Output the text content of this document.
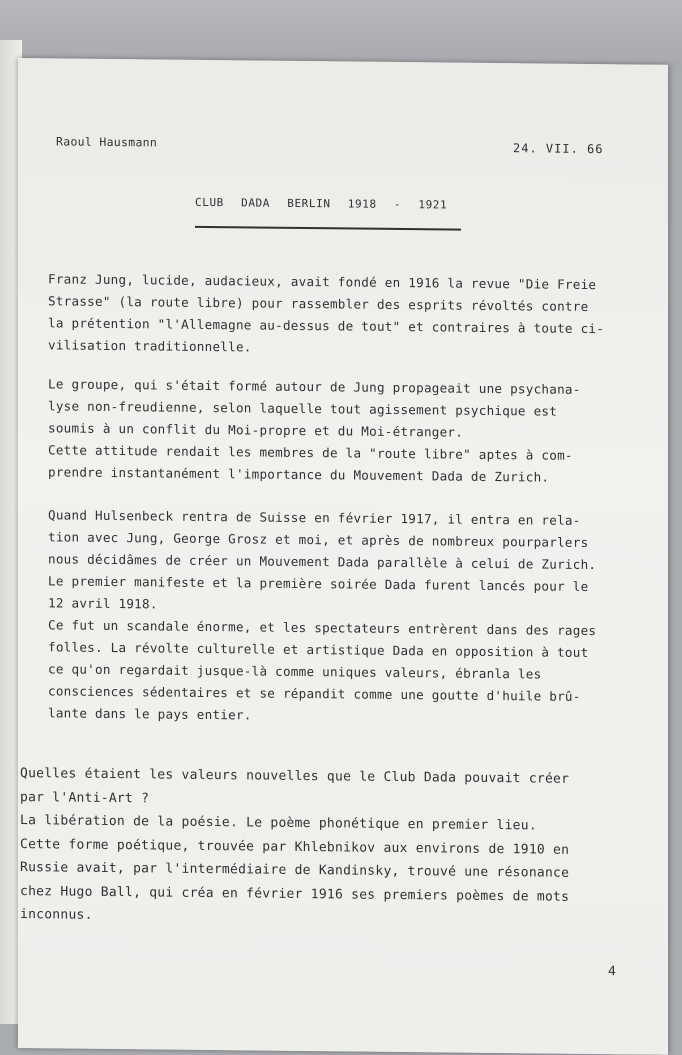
Raoul Hausmann	24. VII. 66

CLUB DADA BERLIN 1918 - 1921

Franz Jung, lucide, audacieux, avait fondé en 1916 la revue "Die Freie
Strasse" (la route libre) pour rassembler des esprits révoltés contre
la prétention "l'Allemagne au-dessus de tout" et contraires à toute ci-
vilisation traditionnelle.
Le groupe, qui s'était formé autour de Jung propageait une psychana-
lyse non-freudienne, selon laquelle tout agissement psychique est
soumis à un conflit du Moi-propre et du Moi-étranger.
Cette attitude rendait les membres de la "route libre" aptes à com-
prendre instantanément l'importance du Mouvement Dada de Zurich.
Quand Hulsenbeck rentra de Suisse en février 1917, il entra en rela-
tion avec Jung, George Grosz et moi, et après de nombreux pourparlers
nous décidâmes de créer un Mouvement Dada parallèle à celui de Zurich.
Le premier manifeste et la première soirée Dada furent lancés pour le
12 avril 1918.
Ce fut un scandale énorme, et les spectateurs entrèrent dans des rages
folles. La révolte culturelle et artistique Dada en opposition à tout
ce qu'on regardait jusque-là comme uniques valeurs, ébranla les
consciences sédentaires et se répandit comme une goutte d'huile brû-
lante dans le pays entier.
Quelles étaient les valeurs nouvelles que le Club Dada pouvait créer
par l'Anti-Art ?
La libération de la poésie. Le poème phonétique en premier lieu.
Cette forme poétique, trouvée par Khlebnikov aux environs de 1910 en
Russie avait, par l'intermédiaire de Kandinsky, trouvé une résonance
chez Hugo Ball, qui créa en février 1916 ses premiers poèmes de mots
inconnus.

4
